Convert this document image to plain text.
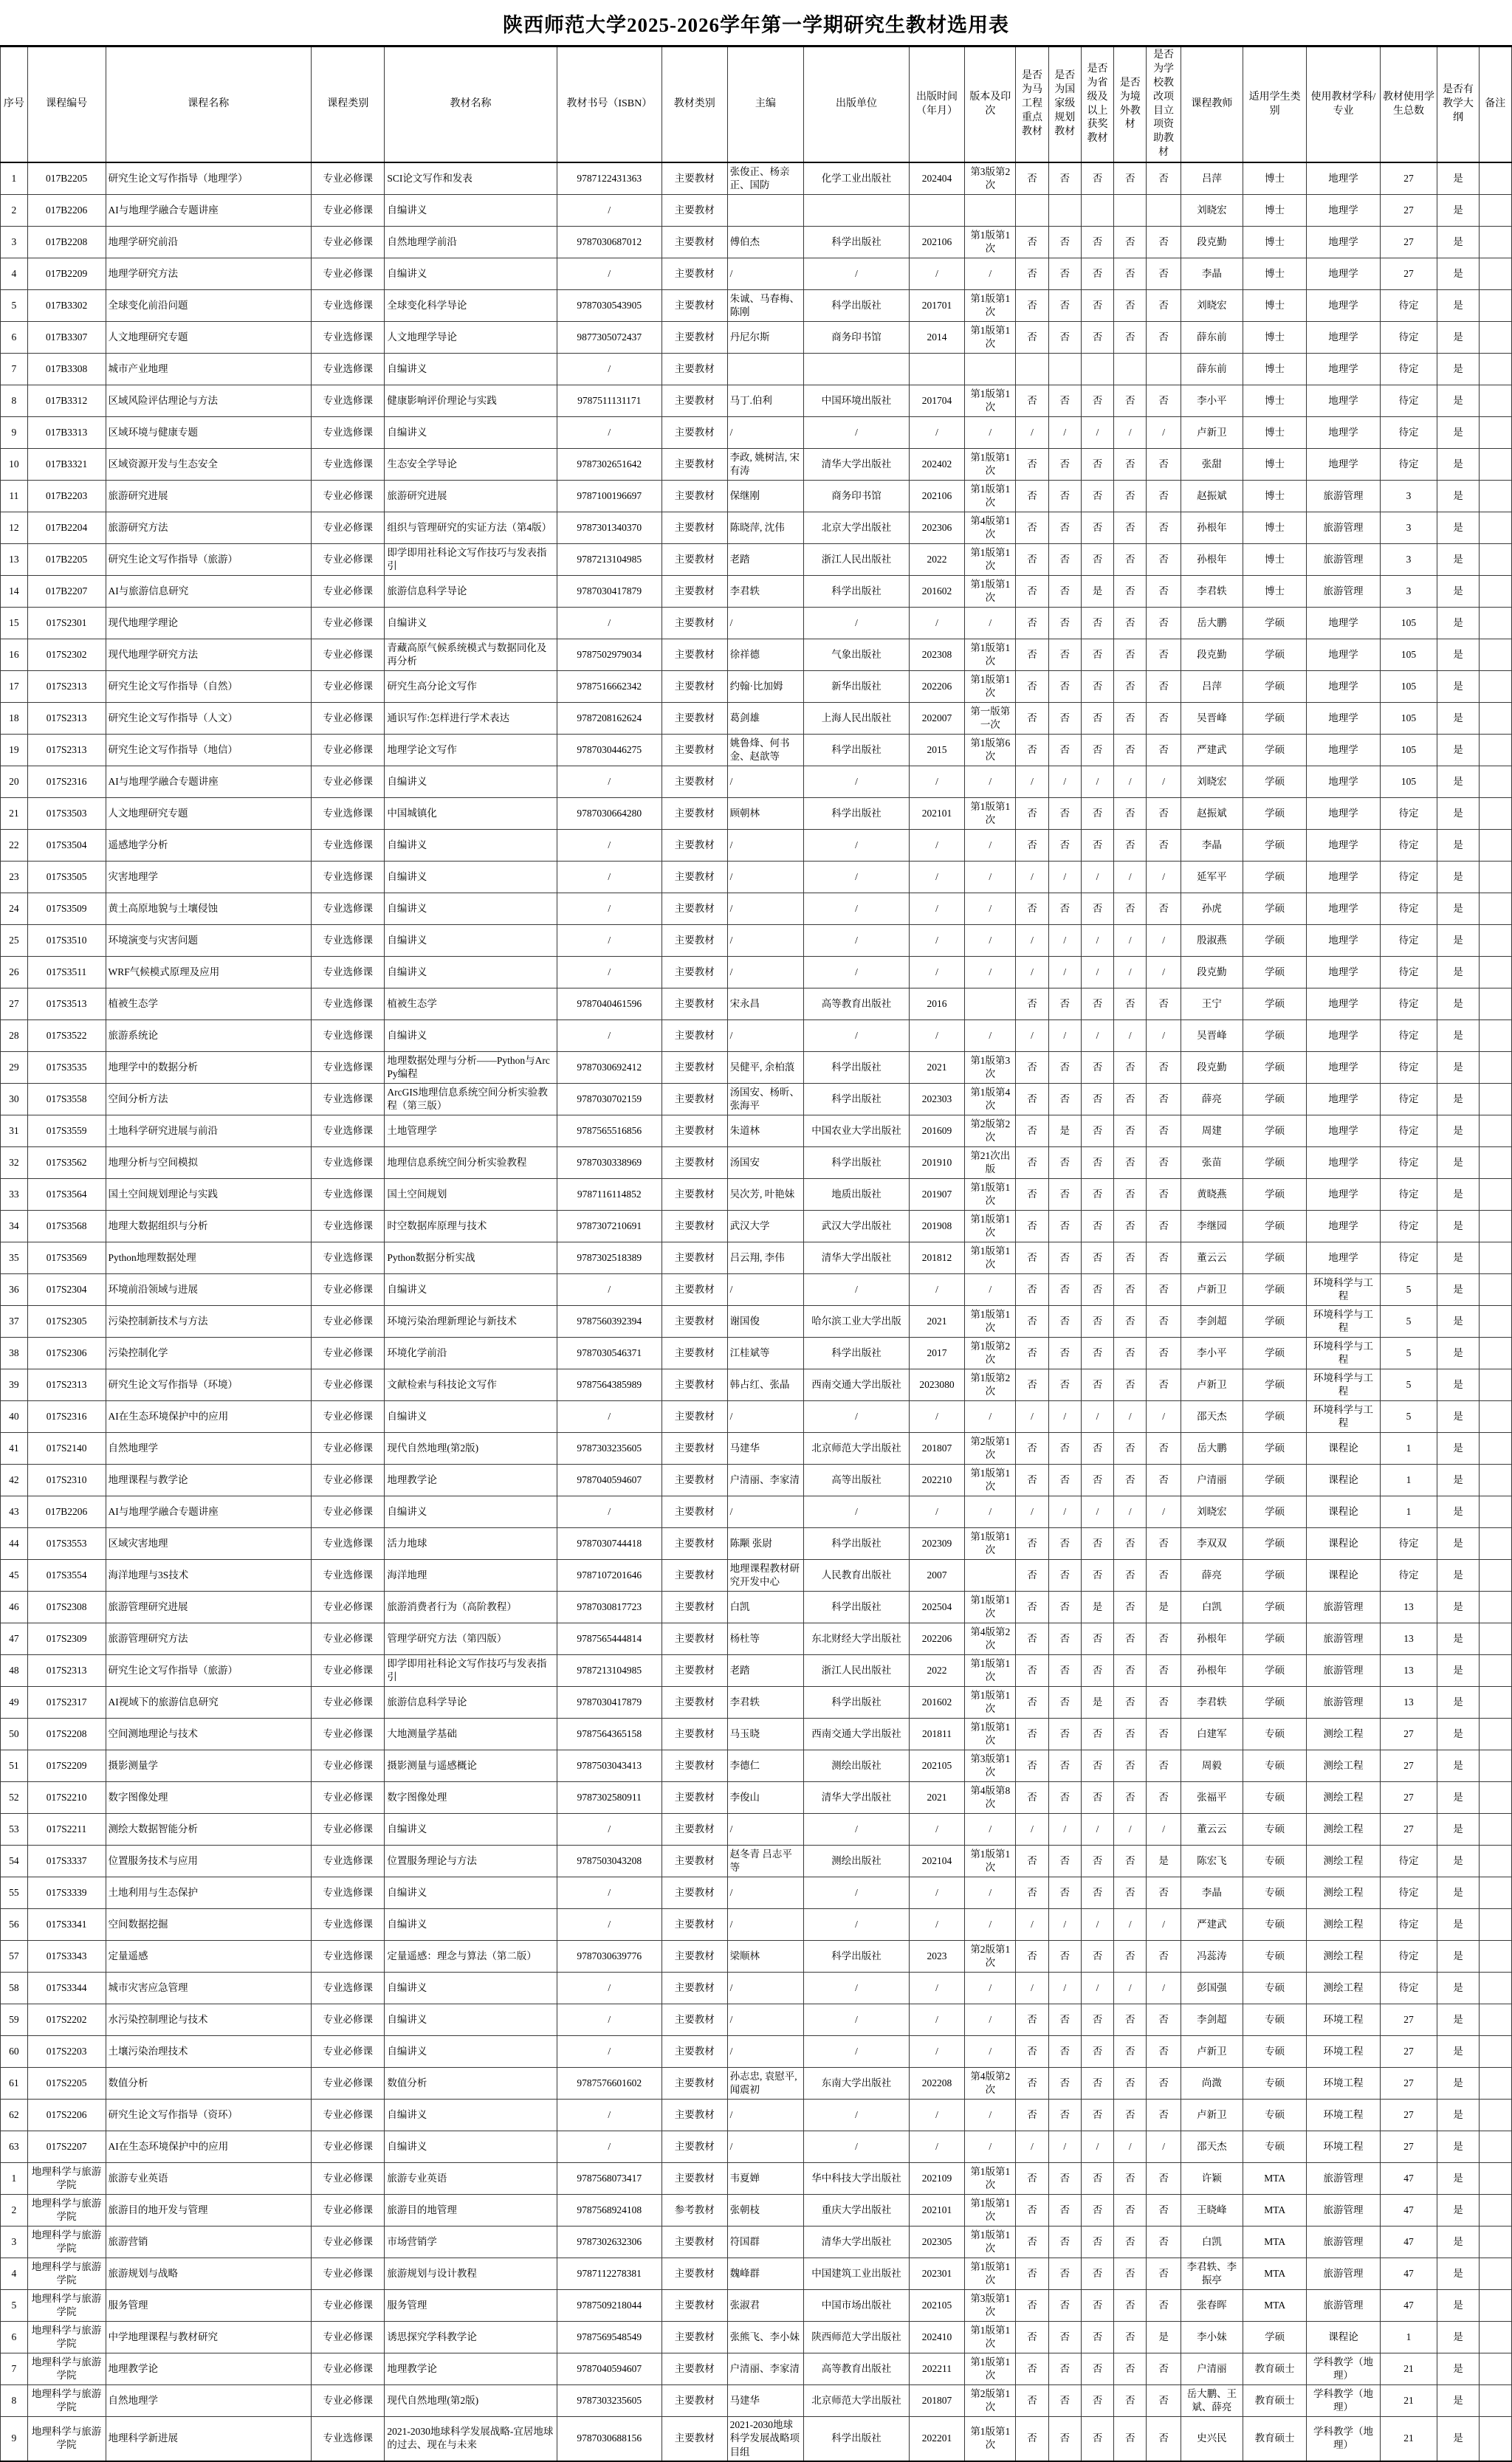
陕西师范大学2025-2026学年第一学期研究生教材选用表
序号	课程编号	课程名称	课程类别	教材名称	教材书号（ISBN）	教材类别	主编	出版单位	出版时间（年月）	版本及印次	是否为马工程重点教材	是否为国家级规划教材	是否为省级及以上获奖教材	是否为境外教材	是否为学校教改项目立项资助教材	课程教师	适用学生类别	使用教材学科/专业	教材使用学生总数	是否有教学大纲	备注
1	017B2205	研究生论文写作指导（地理学）	专业必修课	SCI论文写作和发表	9787122431363	主要教材	张俊正、杨亲正、国防	化学工业出版社	202404	第3版第2次	否	否	否	否	否	吕萍	博士	地理学	27	是	
2	017B2206	AI与地理学融合专题讲座	专业必修课	自编讲义	/	主要教材										刘晓宏	博士	地理学	27	是	
3	017B2208	地理学研究前沿	专业必修课	自然地理学前沿	9787030687012	主要教材	傅伯杰	科学出版社	202106	第1版第1次	否	否	否	否	否	段克勤	博士	地理学	27	是	
4	017B2209	地理学研究方法	专业必修课	自编讲义	/	主要教材	/	/	/	/	否	否	否	否	否	李晶	博士	地理学	27	是	
5	017B3302	全球变化前沿问题	专业选修课	全球变化科学导论	9787030543905	主要教材	朱诚、马春梅、陈刚	科学出版社	201701	第1版第1次	否	否	否	否	否	刘晓宏	博士	地理学	待定	是	
6	017B3307	人文地理研究专题	专业选修课	人文地理学导论	9877305072437	主要教材	丹尼尔斯	商务印书馆	2014	第1版第1次	否	否	否	否	否	薛东前	博士	地理学	待定	是	
7	017B3308	城市产业地理	专业选修课	自编讲义	/	主要教材										薛东前	博士	地理学	待定	是	
8	017B3312	区域风险评估理论与方法	专业选修课	健康影响评价理论与实践	9787511131171	主要教材	马丁.伯利	中国环境出版社	201704	第1版第1次	否	否	否	否	否	李小平	博士	地理学	待定	是	
9	017B3313	区域环境与健康专题	专业选修课	自编讲义	/	主要教材	/	/	/	/	/	/	/	/	/	卢新卫	博士	地理学	待定	是	
10	017B3321	区域资源开发与生态安全	专业选修课	生态安全学导论	9787302651642	主要教材	李政, 姚树洁, 宋有涛	清华大学出版社	202402	第1版第1次	否	否	否	否	否	张甜	博士	地理学	待定	是	
11	017B2203	旅游研究进展	专业必修课	旅游研究进展	9787100196697	主要教材	保继刚	商务印书馆	202106	第1版第1次	否	否	否	否	否	赵振斌	博士	旅游管理	3	是	
12	017B2204	旅游研究方法	专业必修课	组织与管理研究的实证方法（第4版）	9787301340370	主要教材	陈晓萍, 沈伟	北京大学出版社	202306	第4版第1次	否	否	否	否	否	孙根年	博士	旅游管理	3	是	
13	017B2205	研究生论文写作指导（旅游）	专业必修课	即学即用社科论文写作技巧与发表指引	9787213104985	主要教材	老踏	浙江人民出版社	2022	第1版第1次	否	否	否	否	否	孙根年	博士	旅游管理	3	是	
14	017B2207	AI与旅游信息研究	专业必修课	旅游信息科学导论	9787030417879	主要教材	李君轶	科学出版社	201602	第1版第1次	否	否	是	否	否	李君轶	博士	旅游管理	3	是	
15	017S2301	现代地理学理论	专业必修课	自编讲义	/	主要教材	/	/	/	/	否	否	否	否	否	岳大鹏	学硕	地理学	105	是	
16	017S2302	现代地理学研究方法	专业必修课	青藏高原气候系统模式与数据同化及再分析	9787502979034	主要教材	徐祥德	气象出版社	202308	第1版第1次	否	否	否	否	否	段克勤	学硕	地理学	105	是	
17	017S2313	研究生论文写作指导（自然）	专业必修课	研究生高分论文写作	9787516662342	主要教材	约翰·比加姆	新华出版社	202206	第1版第1次	否	否	否	否	否	吕萍	学硕	地理学	105	是	
18	017S2313	研究生论文写作指导（人文）	专业必修课	通识写作:怎样进行学术表达	9787208162624	主要教材	葛剑雄	上海人民出版社	202007	第一版第一次	否	否	否	否	否	吴晋峰	学硕	地理学	105	是	
19	017S2313	研究生论文写作指导（地信）	专业必修课	地理学论文写作	9787030446275	主要教材	姚鲁烽、何书金、赵歆等	科学出版社	2015	第1版第6次	否	否	否	否	否	严建武	学硕	地理学	105	是	
20	017S2316	AI与地理学融合专题讲座	专业必修课	自编讲义	/	主要教材	/	/	/	/	/	/	/	/	/	刘晓宏	学硕	地理学	105	是	
21	017S3503	人文地理研究专题	专业选修课	中国城镇化	9787030664280	主要教材	顾朝林	科学出版社	202101	第1版第1次	否	否	否	否	否	赵振斌	学硕	地理学	待定	是	
22	017S3504	遥感地学分析	专业选修课	自编讲义	/	主要教材	/	/	/	/	否	否	否	否	否	李晶	学硕	地理学	待定	是	
23	017S3505	灾害地理学	专业选修课	自编讲义	/	主要教材	/	/	/	/	/	/	/	/	/	延军平	学硕	地理学	待定	是	
24	017S3509	黄土高原地貌与土壤侵蚀	专业选修课	自编讲义	/	主要教材	/	/	/	/	否	否	否	否	否	孙虎	学硕	地理学	待定	是	
25	017S3510	环境演变与灾害问题	专业选修课	自编讲义	/	主要教材	/	/	/	/	/	/	/	/	/	殷淑燕	学硕	地理学	待定	是	
26	017S3511	WRF气候模式原理及应用	专业选修课	自编讲义	/	主要教材	/	/	/	/	/	/	/	/	/	段克勤	学硕	地理学	待定	是	
27	017S3513	植被生态学	专业选修课	植被生态学	9787040461596	主要教材	宋永昌	高等教育出版社	2016		否	否	否	否	否	王宁	学硕	地理学	待定	是	
28	017S3522	旅游系统论	专业选修课	自编讲义	/	主要教材	/	/	/	/	/	/	/	/	/	吴晋峰	学硕	地理学	待定	是	
29	017S3535	地理学中的数据分析	专业选修课	地理数据处理与分析——Python与ArcPy编程	9787030692412	主要教材	吴健平, 余柏蒗	科学出版社	2021	第1版第3次	否	否	否	否	否	段克勤	学硕	地理学	待定	是	
30	017S3558	空间分析方法	专业选修课	ArcGIS地理信息系统空间分析实验教程（第三版）	9787030702159	主要教材	汤国安、杨昕、张海平	科学出版社	202303	第1版第4次	否	否	否	否	否	薛亮	学硕	地理学	待定	是	
31	017S3559	土地科学研究进展与前沿	专业选修课	土地管理学	9787565516856	主要教材	朱道林	中国农业大学出版社	201609	第2版第2次	否	是	否	否	否	周建	学硕	地理学	待定	是	
32	017S3562	地理分析与空间模拟	专业选修课	地理信息系统空间分析实验教程	9787030338969	主要教材	汤国安	科学出版社	201910	第21次出版	否	否	否	否	否	张苗	学硕	地理学	待定	是	
33	017S3564	国土空间规划理论与实践	专业选修课	国土空间规划	9787116114852	主要教材	吴次芳, 叶艳妹	地质出版社	201907	第1版第1次	否	否	否	否	否	黄晓燕	学硕	地理学	待定	是	
34	017S3568	地理大数据组织与分析	专业选修课	时空数据库原理与技术	9787307210691	主要教材	武汉大学	武汉大学出版社	201908	第1版第1次	否	否	否	否	否	李继园	学硕	地理学	待定	是	
35	017S3569	Python地理数据处理	专业选修课	Python数据分析实战	9787302518389	主要教材	吕云翔, 李伟	清华大学出版社	201812	第1版第1次	否	否	否	否	否	董云云	学硕	地理学	待定	是	
36	017S2304	环境前沿领域与进展	专业必修课	自编讲义	/	主要教材	/	/	/	/	否	否	否	否	否	卢新卫	学硕	环境科学与工程	5	是	
37	017S2305	污染控制新技术与方法	专业必修课	环境污染治理新理论与新技术	9787560392394	主要教材	谢国俊	哈尔滨工业大学出版	2021	第1版第1次	否	否	否	否	否	李剑超	学硕	环境科学与工程	5	是	
38	017S2306	污染控制化学	专业必修课	环境化学前沿	9787030546371	主要教材	江桂斌等	科学出版社	2017	第1版第2次	否	否	否	否	否	李小平	学硕	环境科学与工程	5	是	
39	017S2313	研究生论文写作指导（环境）	专业必修课	文献检索与科技论文写作	9787564385989	主要教材	韩占红、张晶	西南交通大学出版社	2023080	第1版第2次	否	否	否	否	否	卢新卫	学硕	环境科学与工程	5	是	
40	017S2316	AI在生态环境保护中的应用	专业必修课	自编讲义	/	主要教材	/	/	/	/	/	/	/	/	/	邵天杰	学硕	环境科学与工程	5	是	
41	017S2140	自然地理学	专业必修课	现代自然地理(第2版)	9787303235605	主要教材	马建华	北京师范大学出版社	201807	第2版第1次	否	否	否	否	否	岳大鹏	学硕	课程论	1	是	
42	017S2310	地理课程与教学论	专业必修课	地理教学论	9787040594607	主要教材	户清丽、李家清	高等出版社	202210	第1版第1次	否	否	否	否	否	户清丽	学硕	课程论	1	是	
43	017B2206	AI与地理学融合专题讲座	专业必修课	自编讲义	/	主要教材	/	/	/	/	/	/	/	/	/	刘晓宏	学硕	课程论	1	是	
44	017S3553	区域灾害地理	专业选修课	活力地球	9787030744418	主要教材	陈颙 张尉	科学出版社	202309	第1版第1次	否	否	否	否	否	李双双	学硕	课程论	待定	是	
45	017S3554	海洋地理与3S技术	专业选修课	海洋地理	9787107201646	主要教材	地理课程教材研究开发中心	人民教育出版社	2007		否	否	否	否	否	薛亮	学硕	课程论	待定	是	
46	017S2308	旅游管理研究进展	专业必修课	旅游消费者行为（高阶教程）	9787030817723	主要教材	白凯	科学出版社	202504	第1版第1次	否	否	是	否	是	白凯	学硕	旅游管理	13	是	
47	017S2309	旅游管理研究方法	专业必修课	管理学研究方法（第四版）	9787565444814	主要教材	杨杜等	东北财经大学出版社	202206	第4版第2次	否	否	否	否	否	孙根年	学硕	旅游管理	13	是	
48	017S2313	研究生论文写作指导（旅游）	专业必修课	即学即用社科论文写作技巧与发表指引	9787213104985	主要教材	老踏	浙江人民出版社	2022	第1版第1次	否	否	否	否	否	孙根年	学硕	旅游管理	13	是	
49	017S2317	AI视域下的旅游信息研究	专业必修课	旅游信息科学导论	9787030417879	主要教材	李君轶	科学出版社	201602	第1版第1次	否	否	是	否	否	李君轶	学硕	旅游管理	13	是	
50	017S2208	空间测地理论与技术	专业必修课	大地测量学基础	9787564365158	主要教材	马玉晓	西南交通大学出版社	201811	第1版第1次	否	否	否	否	否	白建军	专硕	测绘工程	27	是	
51	017S2209	摄影测量学	专业必修课	摄影测量与遥感概论	9787503043413	主要教材	李德仁	测绘出版社	202105	第3版第1次	否	否	否	否	否	周毅	专硕	测绘工程	27	是	
52	017S2210	数字图像处理	专业必修课	数字图像处理	9787302580911	主要教材	李俊山	清华大学出版社	2021	第4版第8次	否	否	否	否	否	张福平	专硕	测绘工程	27	是	
53	017S2211	测绘大数据智能分析	专业必修课	自编讲义	/	主要教材	/	/	/	/	/	/	/	/	/	董云云	专硕	测绘工程	27	是	
54	017S3337	位置服务技术与应用	专业选修课	位置服务理论与方法	9787503043208	主要教材	赵冬青 吕志平等	测绘出版社	202104	第1版第1次	否	否	否	否	是	陈宏飞	专硕	测绘工程	待定	是	
55	017S3339	土地利用与生态保护	专业选修课	自编讲义	/	主要教材	/	/	/	/	否	否	否	否	否	李晶	专硕	测绘工程	待定	是	
56	017S3341	空间数据挖掘	专业选修课	自编讲义	/	主要教材	/	/	/	/	/	/	/	/	/	严建武	专硕	测绘工程	待定	是	
57	017S3343	定量遥感	专业选修课	定量遥感：理念与算法（第二版）	9787030639776	主要教材	梁顺林	科学出版社	2023	第2版第1次	否	否	否	否	否	冯蕊涛	专硕	测绘工程	待定	是	
58	017S3344	城市灾害应急管理	专业选修课	自编讲义	/	主要教材	/	/	/	/	/	/	/	/	/	彭国强	专硕	测绘工程	待定	是	
59	017S2202	水污染控制理论与技术	专业必修课	自编讲义	/	主要教材	/	/	/	/	否	否	否	否	否	李剑超	专硕	环境工程	27	是	
60	017S2203	土壤污染治理技术	专业必修课	自编讲义	/	主要教材	/	/	/	/	否	否	否	否	否	卢新卫	专硕	环境工程	27	是	
61	017S2205	数值分析	专业必修课	数值分析	9787576601602	主要教材	孙志忠, 袁慰平, 闻震初	东南大学出版社	202208	第4版第2次	否	否	否	否	否	尚溦	专硕	环境工程	27	是	
62	017S2206	研究生论文写作指导（资环）	专业必修课	自编讲义	/	主要教材	/	/	/	/	否	否	否	否	否	卢新卫	专硕	环境工程	27	是	
63	017S2207	AI在生态环境保护中的应用	专业必修课	自编讲义	/	主要教材	/	/	/	/	/	/	/	/	/	邵天杰	专硕	环境工程	27	是	
1	地理科学与旅游学院	旅游专业英语	专业必修课	旅游专业英语	9787568073417	主要教材	韦夏婵	华中科技大学出版社	202109	第1版第1次	否	否	否	否	否	许颖	MTA	旅游管理	47	是	
2	地理科学与旅游学院	旅游目的地开发与管理	专业必修课	旅游目的地管理	9787568924108	参考教材	张朝枝	重庆大学出版社	202101	第1版第1次	否	否	否	否	否	王晓峰	MTA	旅游管理	47	是	
3	地理科学与旅游学院	旅游营销	专业必修课	市场营销学	9787302632306	主要教材	符国群	清华大学出版社	202305	第1版第1次	否	否	否	否	否	白凯	MTA	旅游管理	47	是	
4	地理科学与旅游学院	旅游规划与战略	专业必修课	旅游规划与设计教程	9787112278381	主要教材	魏峰群	中国建筑工业出版社	202301	第1版第1次	否	否	否	否	否	李君轶、李振亭	MTA	旅游管理	47	是	
5	地理科学与旅游学院	服务管理	专业必修课	服务管理	9787509218044	主要教材	张淑君	中国市场出版社	202105	第3版第1次	否	否	否	否	否	张春晖	MTA	旅游管理	47	是	
6	地理科学与旅游学院	中学地理课程与教材研究	专业必修课	诱思探究学科教学论	9787569548549	主要教材	张熊飞、李小妹	陕西师范大学出版社	202410	第1版第1次	否	否	否	否	是	李小妹	学硕	课程论	1	是	
7	地理科学与旅游学院	地理教学论	专业必修课	地理教学论	9787040594607	主要教材	户清丽、李家清	高等教育出版社	202211	第1版第1次	否	否	否	否	否	户清丽	教育硕士	学科教学（地理）	21	是	
8	地理科学与旅游学院	自然地理学	专业必修课	现代自然地理(第2版)	9787303235605	主要教材	马建华	北京师范大学出版社	201807	第2版第1次	否	否	否	否	否	岳大鹏、王斌、薛亮	教育硕士	学科教学（地理）	21	是	
9	地理科学与旅游学院	地理科学新进展	专业选修课	2021-2030地球科学发展战略-宜居地球的过去、现在与未来	9787030688156	主要教材	2021-2030地球科学发展战略项目组	科学出版社	202201	第1版第1次	否	否	否	否	否	史兴民	教育硕士	学科教学（地理）	21	是	
